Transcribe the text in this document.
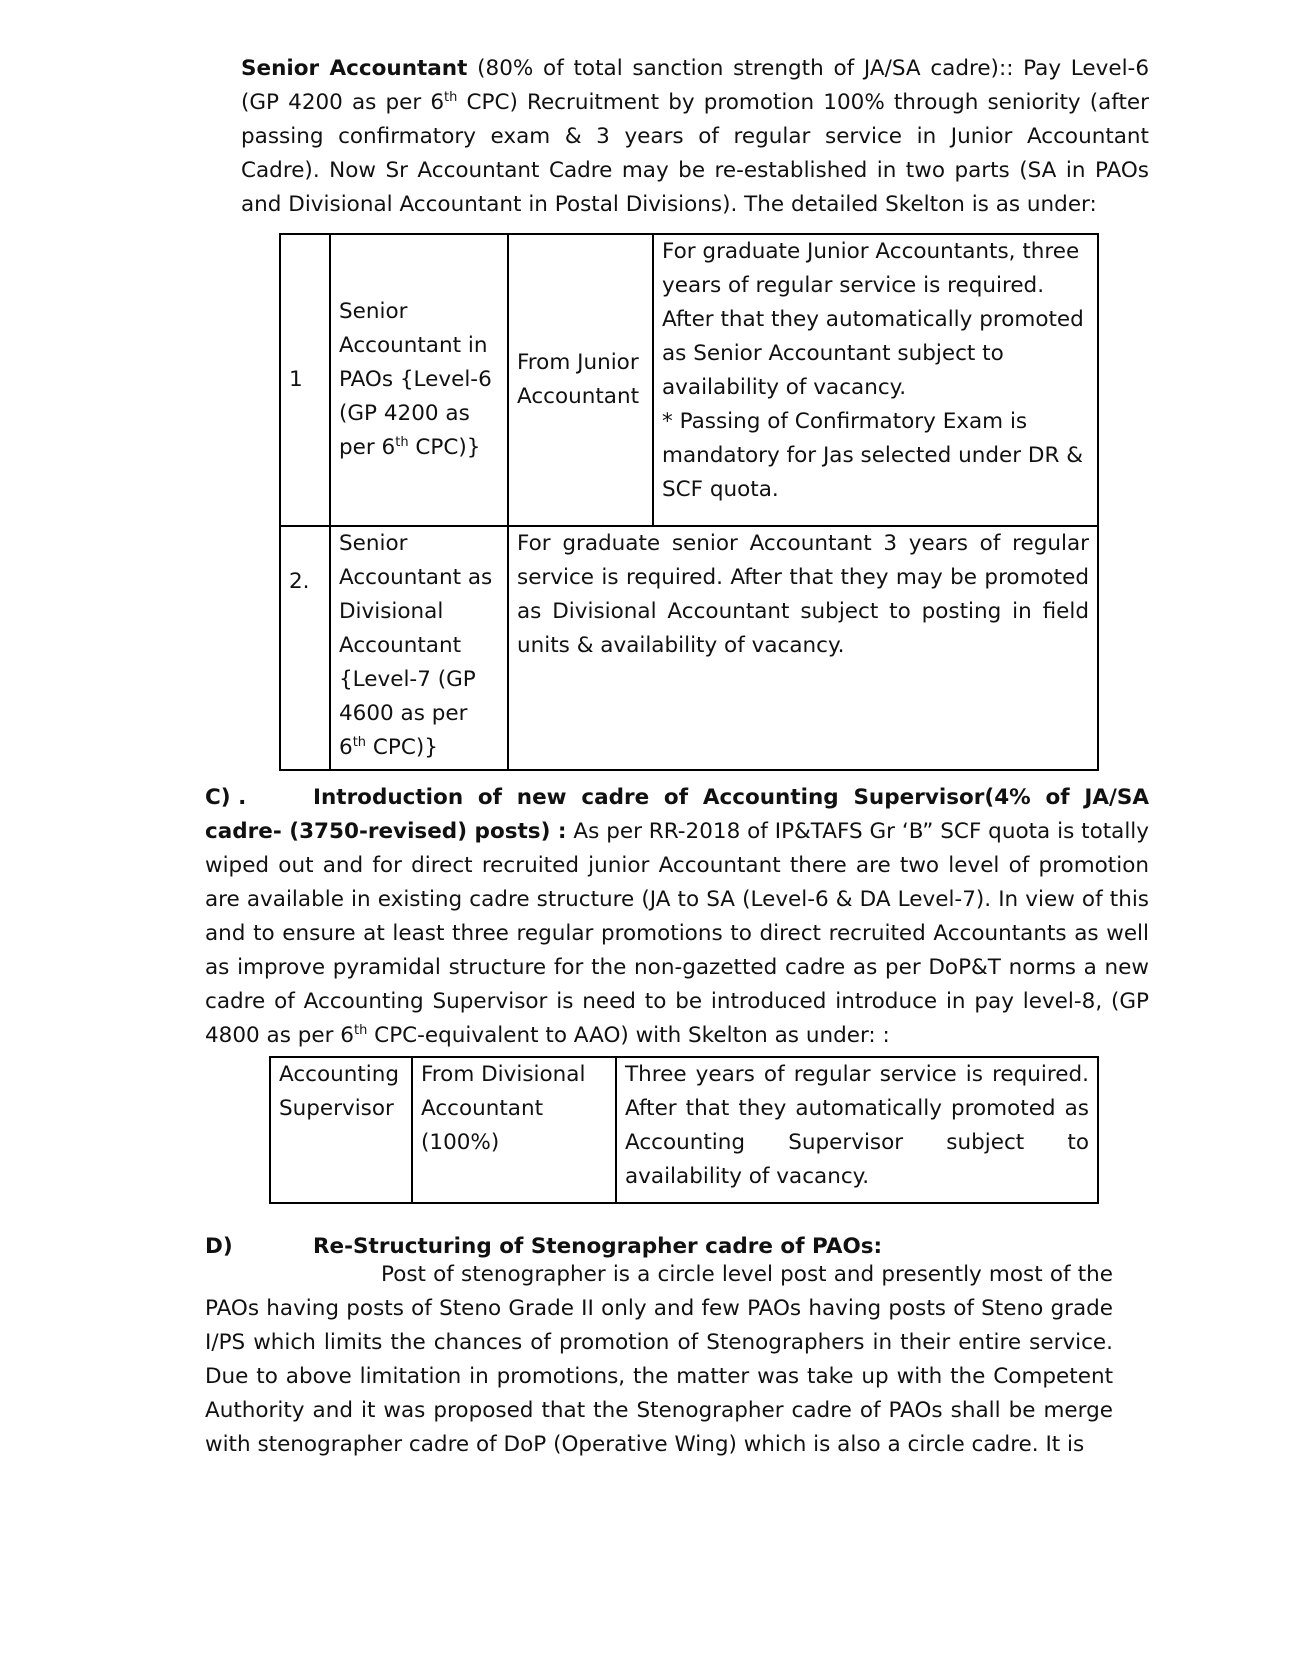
Senior Accountant (80% of total sanction strength of JA/SA cadre):: Pay Level-6 (GP 4200 as per 6th CPC) Recruitment by promotion 100% through seniority (after passing confirmatory exam & 3 years of regular service in Junior Accountant Cadre). Now Sr Accountant Cadre may be re-established in two parts (SA in PAOs and Divisional Accountant in Postal Divisions). The detailed Skelton is as under:

1	Senior Accountant in PAOs {Level-6 (GP 4200 as per 6th CPC)}	From Junior Accountant	For graduate Junior Accountants, three years of regular service is required. After that they automatically promoted as Senior Accountant subject to availability of vacancy.
* Passing of Confirmatory Exam is mandatory for Jas selected under DR & SCF quota.
2.	Senior Accountant as Divisional Accountant {Level-7 (GP 4600 as per 6th CPC)}	For graduate senior Accountant 3 years of regular service is required. After that they may be promoted as Divisional Accountant subject to posting in field units & availability of vacancy.	

C) .	Introduction of new cadre of Accounting Supervisor(4% of JA/SA cadre- (3750-revised) posts) : As per RR-2018 of IP&TAFS Gr ‘B” SCF quota is totally wiped out and for direct recruited junior Accountant there are two level of promotion are available in existing cadre structure (JA to SA (Level-6 & DA Level-7). In view of this and to ensure at least three regular promotions to direct recruited Accountants as well as improve pyramidal structure for the non-gazetted cadre as per DoP&T norms a new cadre of Accounting Supervisor is need to be introduced introduce in pay level-8, (GP 4800 as per 6th CPC-equivalent to AAO) with Skelton as under: :

Accounting Supervisor	From Divisional Accountant (100%)	Three years of regular service is required. After that they automatically promoted as Accounting Supervisor subject to availability of vacancy.

D)	Re-Structuring of Stenographer cadre of PAOs:

Post of stenographer is a circle level post and presently most of the PAOs having posts of Steno Grade II only and few PAOs having posts of Steno grade I/PS which limits the chances of promotion of Stenographers in their entire service. Due to above limitation in promotions, the matter was take up with the Competent Authority and it was proposed that the Stenographer cadre of PAOs shall be merge with stenographer cadre of DoP (Operative Wing) which is also a circle cadre. It is
